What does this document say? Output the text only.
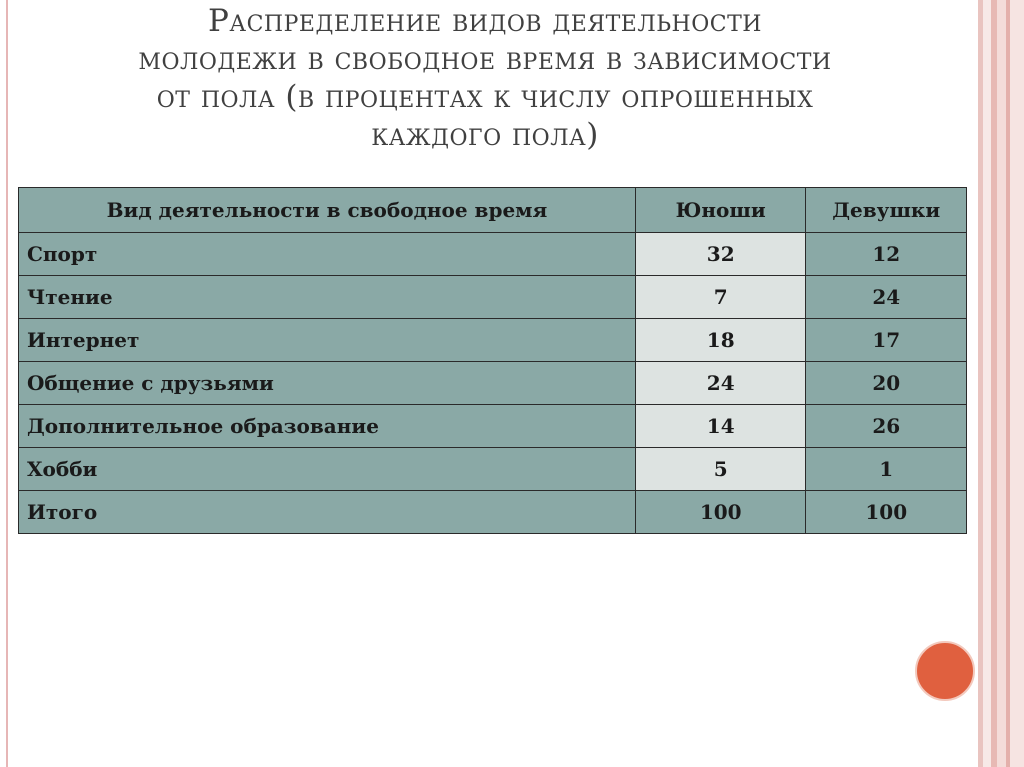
Распределение видов деятельности
молодежи в свободное время в зависимости
от пола (в процентах к числу опрошенных
каждого пола)
Вид деятельности в свободное время	Юноши	Девушки
Спорт	32	12
Чтение	7	24
Интернет	18	17
Общение с друзьями	24	20
Дополнительное образование	14	26
Хобби	5	1
Итого	100	100
